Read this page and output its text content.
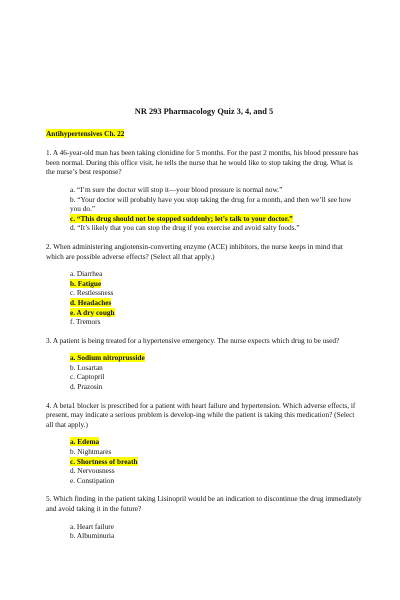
NR 293 Pharmacology Quiz 3, 4, and 5
Antihypertensives Ch. 22

1. A 46-year-old man has been taking clonidine for 5 months. For the past 2 months, his blood pressure has been normal. During this office visit, he tells the nurse that he would like to stop taking the drug. What is the nurse’s best response?

a. “I’m sure the doctor will stop it—your blood pressure is normal now.”
b. “Your doctor will probably have you stop taking the drug for a month, and then we’ll see how you do.”
c. “This drug should not be stopped suddenly; let’s talk to your doctor.”
d. “It’s likely that you can stop the drug if you exercise and avoid salty foods.”

2. When administering angiotensin-converting enzyme (ACE) inhibitors, the nurse keeps in mind that which are possible adverse effects? (Select all that apply.)

a. Diarrhea
b. Fatigue
c. Restlessness
d. Headaches
e. A dry cough
f. Tremors

3. A patient is being treated for a hypertensive emergency. The nurse expects which drug to be used?

a. Sodium nitroprusside
b. Losartan
c. Captopril
d. Prazosin

4. A beta1 blocker is prescribed for a patient with heart failure and hypertension. Which adverse effects, if present, may indicate a serious problem is develop-ing while the patient is taking this medication? (Select all that apply.)

a. Edema
b. Nightmares
c. Shortness of breath
d. Nervousness
e. Constipation

5. Which finding in the patient taking Lisinopril would be an indication to discontinue the drug immediately and avoid taking it in the future?

a. Heart failure
b. Albuminuria
